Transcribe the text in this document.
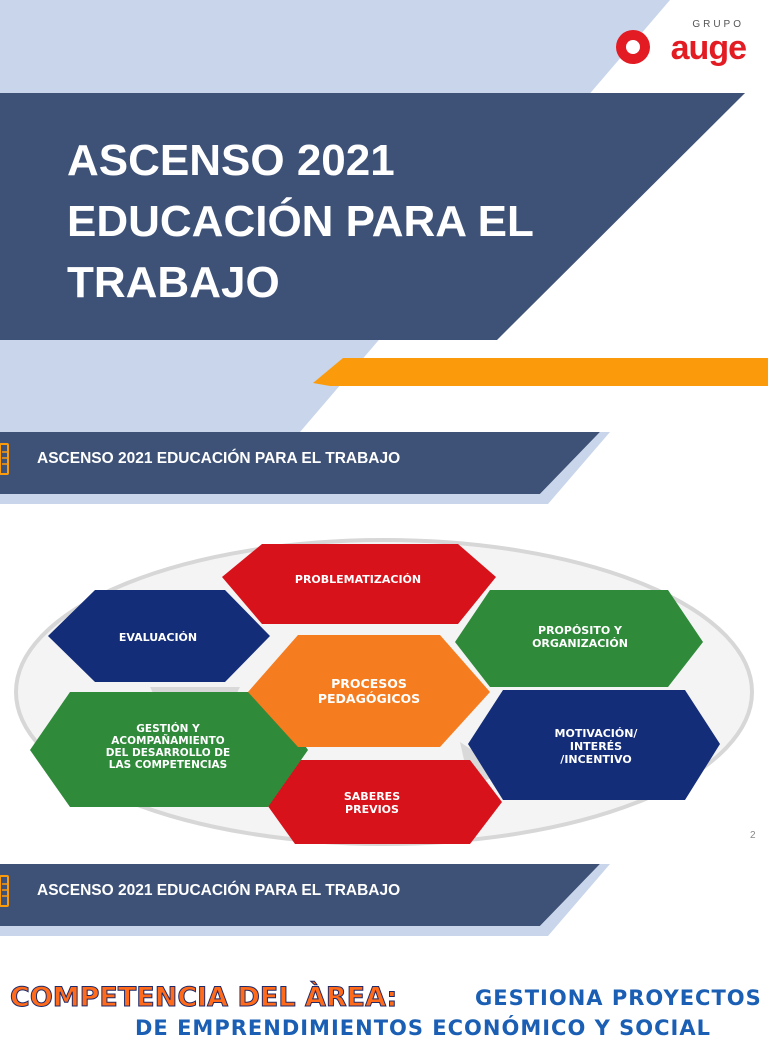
GRUPO
auge
ASCENSO 2021
EDUCACIÓN PARA EL
TRABAJO
ASCENSO 2021 EDUCACIÓN PARA EL TRABAJO
PROBLEMATIZACIÓN
PROPÓSITO Y ORGANIZACIÓN
MOTIVACIÓN/ INTERÉS /INCENTIVO
SABERES PREVIOS
GESTIÓN Y ACOMPAÑAMIENTO DEL DESARROLLO DE LAS COMPETENCIAS
EVALUACIÓN
PROCESOS PEDAGÓGICOS
2
ASCENSO 2021 EDUCACIÓN PARA EL TRABAJO
COMPETENCIA DEL ÀREA:	GESTIONA PROYECTOS
DE EMPRENDIMIENTOS ECONÓMICO Y SOCIAL
